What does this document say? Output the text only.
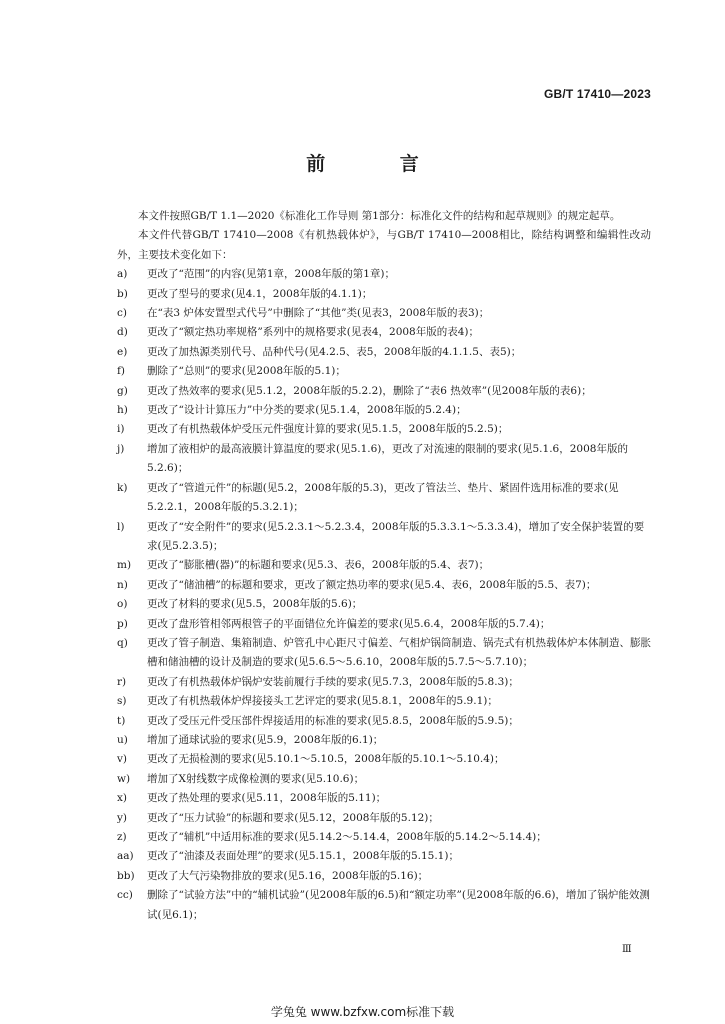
GB/T 17410—2023
前 言

本文件按照GB/T 1.1—2020《标准化工作导则 第1部分：标准化文件的结构和起草规则》的规定起草。

本文件代替GB/T 17410—2008《有机热载体炉》，与GB/T 17410—2008相比，除结构调整和编辑性改动外，主要技术变化如下：

a)	更改了“范围”的内容(见第1章，2008年版的第1章)；
b)	更改了型号的要求(见4.1，2008年版的4.1.1)；
c)	在“表3 炉体安置型式代号”中删除了“其他”类(见表3，2008年版的表3)；
d)	更改了“额定热功率规格”系列中的规格要求(见表4，2008年版的表4)；
e)	更改了加热源类别代号、品种代号(见4.2.5、表5，2008年版的4.1.1.5、表5)；
f)	删除了“总则”的要求(见2008年版的5.1)；
g)	更改了热效率的要求(见5.1.2，2008年版的5.2.2)，删除了“表6 热效率”(见2008年版的表6)；
h)	更改了“设计计算压力”中分类的要求(见5.1.4，2008年版的5.2.4)；
i)	更改了有机热载体炉受压元件强度计算的要求(见5.1.5，2008年版的5.2.5)；
j)	增加了液相炉的最高液膜计算温度的要求(见5.1.6)，更改了对流速的限制的要求(见5.1.6，2008年版的5.2.6)；
k)	更改了“管道元件”的标题(见5.2，2008年版的5.3)，更改了管法兰、垫片、紧固件选用标准的要求(见5.2.2.1，2008年版的5.3.2.1)；
l)	更改了“安全附件”的要求(见5.2.3.1～5.2.3.4，2008年版的5.3.3.1～5.3.3.4)，增加了安全保护装置的要求(见5.2.3.5)；
m)	更改了“膨胀槽(器)”的标题和要求(见5.3、表6，2008年版的5.4、表7)；
n)	更改了“储油槽”的标题和要求，更改了额定热功率的要求(见5.4、表6，2008年版的5.5、表7)；
o)	更改了材料的要求(见5.5，2008年版的5.6)；
p)	更改了盘形管相邻两根管子的平面错位允许偏差的要求(见5.6.4，2008年版的5.7.4)；
q)	更改了管子制造、集箱制造、炉管孔中心距尺寸偏差、气相炉锅筒制造、锅壳式有机热载体炉本体制造、膨胀槽和储油槽的设计及制造的要求(见5.6.5～5.6.10，2008年版的5.7.5～5.7.10)；
r)	更改了有机热载体炉锅炉安装前履行手续的要求(见5.7.3，2008年版的5.8.3)；
s)	更改了有机热载体炉焊接接头工艺评定的要求(见5.8.1，2008年的5.9.1)；
t)	更改了受压元件受压部件焊接适用的标准的要求(见5.8.5，2008年版的5.9.5)；
u)	增加了通球试验的要求(见5.9，2008年版的6.1)；
v)	更改了无损检测的要求(见5.10.1～5.10.5，2008年版的5.10.1～5.10.4)；
w)	增加了X射线数字成像检测的要求(见5.10.6)；
x)	更改了热处理的要求(见5.11，2008年版的5.11)；
y)	更改了“压力试验”的标题和要求(见5.12，2008年版的5.12)；
z)	更改了“辅机”中适用标准的要求(见5.14.2～5.14.4，2008年版的5.14.2～5.14.4)；
aa)	更改了“油漆及表面处理”的要求(见5.15.1，2008年版的5.15.1)；
bb)	更改了大气污染物排放的要求(见5.16，2008年版的5.16)；
cc)	删除了“试验方法”中的“辅机试验”(见2008年版的6.5)和“额定功率”(见2008年版的6.6)，增加了锅炉能效测试(见6.1)；
Ⅲ
学兔兔 www.bzfxw.com标准下载
